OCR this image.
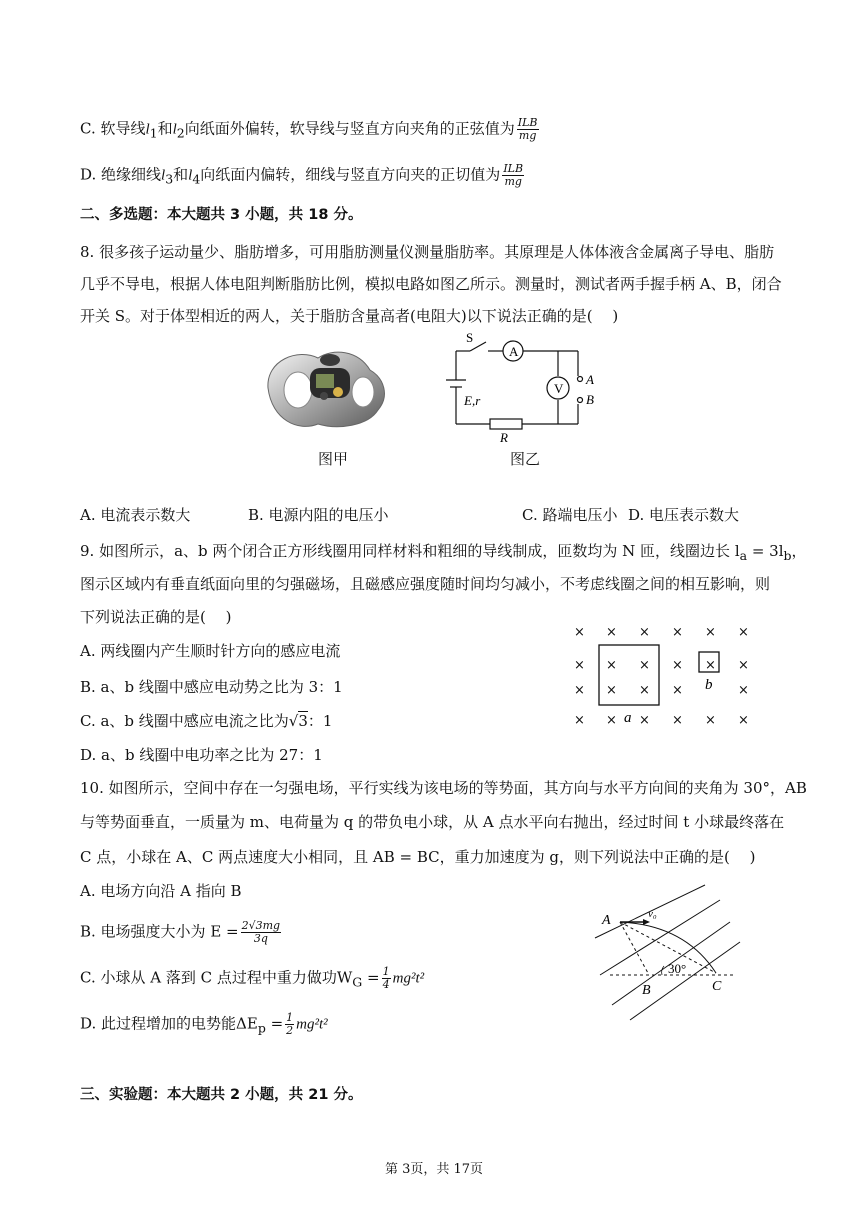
C. 软导线$l_1$和$l_2$向纸面外偏转，软导线与竖直方向夹角的正弦值为 $\frac{\text{ILB}}{mg}$
D. 绝缘细线$l_3$和$l_4$向纸面内偏转，细线与竖直方向夹的正切值为 $\frac{\text{ILB}}{mg}$
二、多选题：本大题共 3 小题，共 18 分。
8. 很多孩子运动量少、脂肪增多，可用脂肪测量仪测量脂肪率。其原理是人体体液含金属离子导电、脂肪
几乎不导电，根据人体电阻判断脂肪比例，模拟电路如图乙所示。测量时，测试者两手握手柄 A、B，闭合
开关 S。对于体型相近的两人，关于脂肪含量高者(电阻大)以下说法正确的是(　 )
图甲
S
A
V
A
B
E,r
R
图乙
A. 电流表示数大	B. 电源内阻的电压小	C. 路端电压小 D. 电压表示数大
9. 如图所示，a、b 两个闭合正方形线圈用同样材料和粗细的导线制成，匝数均为 N 匝，线圈边长 $l_a = 3l_b$，
图示区域内有垂直纸面向里的匀强磁场，且磁感应强度随时间均匀减小，不考虑线圈之间的相互影响，则
下列说法正确的是(　 )
A. 两线圈内产生顺时针方向的感应电流
B. a、b 线圈中感应电动势之比为 3：1
C. a、b 线圈中感应电流之比为√3：1
D. a、b 线圈中电功率之比为 27：1
× × × × × ×
× × × × × ×
× × × ×	×
× × × × × ×
a
b
10. 如图所示，空间中存在一匀强电场，平行实线为该电场的等势面，其方向与水平方向间的夹角为 30°，AB
与等势面垂直，一质量为 m、电荷量为 q 的带负电小球，从 A 点水平向右抛出，经过时间 t 小球最终落在
C 点，小球在 A、C 两点速度大小相同，且 AB = BC，重力加速度为 g，则下列说法中正确的是(　 )
A. 电场方向沿 A 指向 B
B. 电场强度大小为 $E = \frac{2√3mg}{3q}$
C. 小球从 A 落到 C 点过程中重力做功$W_G = \frac{1}{4} mg^2t^2$
D. 此过程增加的电势能$\Delta E_p = \frac{1}{2} mg^2t^2$
A
B	C
v₀
30°
三、实验题：本大题共 2 小题，共 21 分。
第 3页，共 17页
